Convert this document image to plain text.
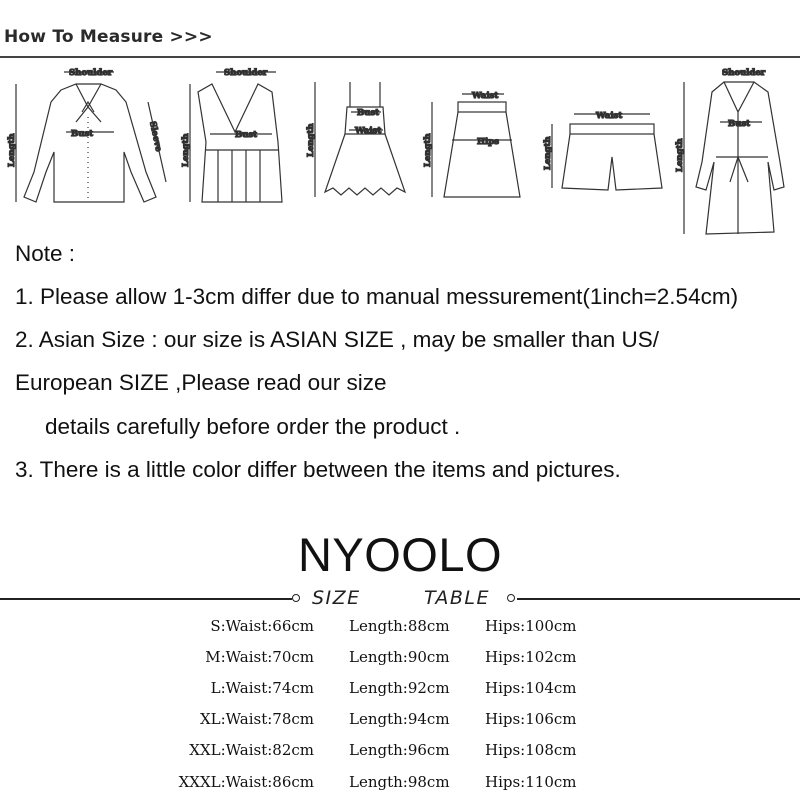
How To Measure >>>
Shoulder
Bust	Sleeve
Length
Shoulder
Bust
Length
Bust
Waist
Length
Waist
Hips
Length
Waist
Length
Shoulder
Bust
Length
Note :
1. Please allow 1-3cm differ due to manual messurement(1inch=2.54cm)
2. Asian Size : our size is ASIAN SIZE , may be smaller than US/
European SIZE ,Please read our size
details carefully before order the product .
3. There is a little color differ between the items and pictures.
NYOOLO
SIZE	TABLE
S:Waist:66cm Length:88cm Hips:100cm
M:Waist:70cm Length:90cm Hips:102cm
L:Waist:74cm Length:92cm Hips:104cm
XL:Waist:78cm Length:94cm Hips:106cm
XXL:Waist:82cm Length:96cm Hips:108cm
XXXL:Waist:86cm Length:98cm Hips:110cm
